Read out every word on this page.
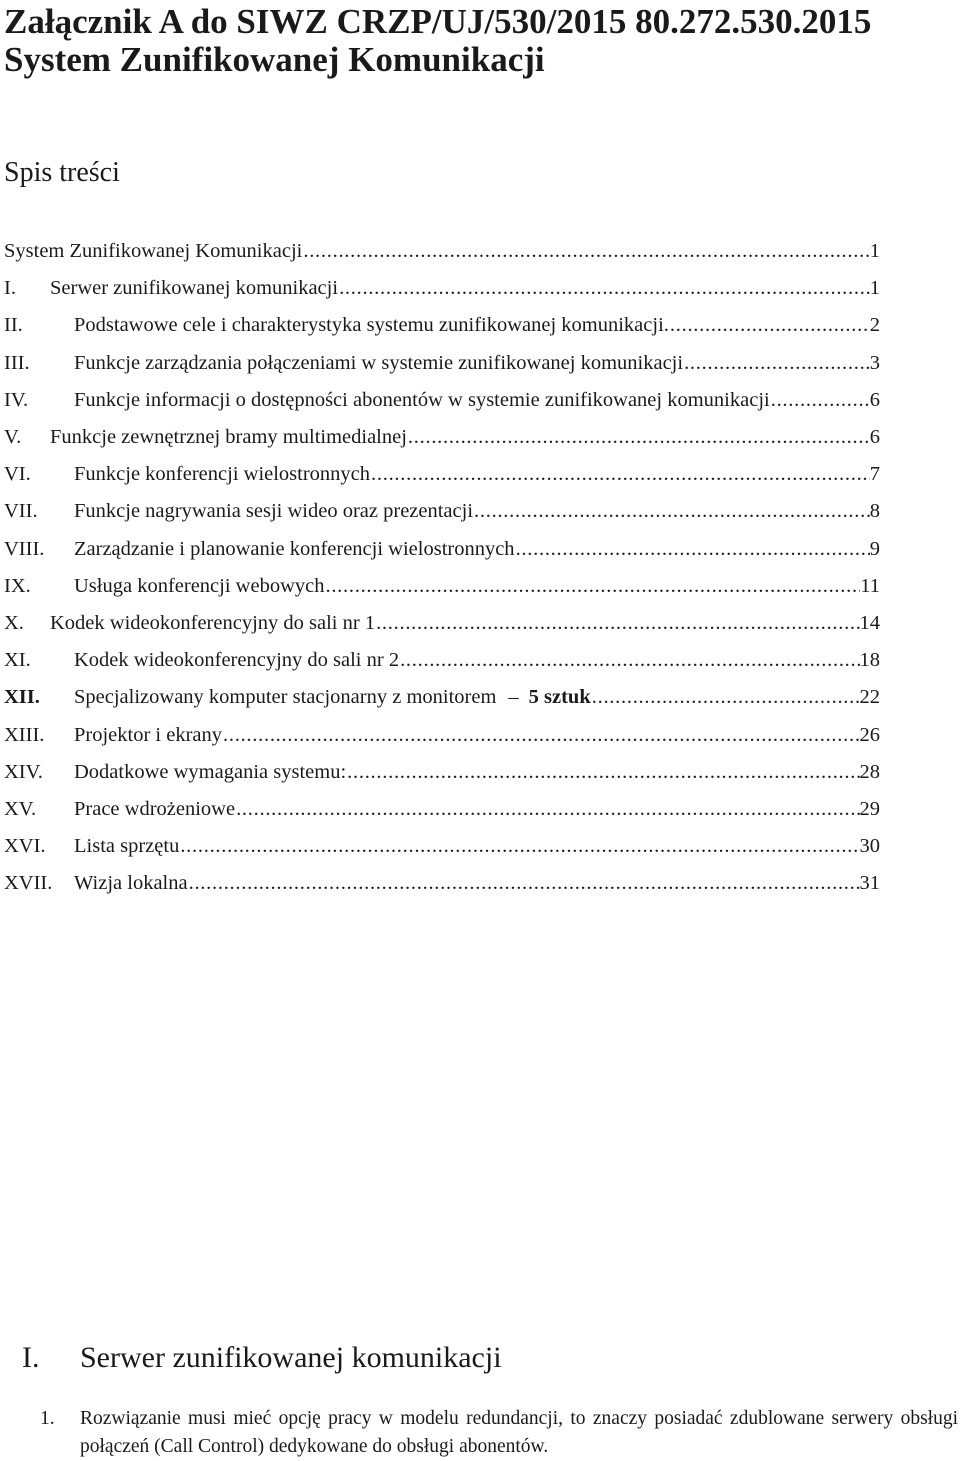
Załącznik A do SIWZ CRZP/UJ/530/2015 80.272.530.2015
System Zunifikowanej Komunikacji
Spis treści
System Zunifikowanej Komunikacji . . .	1
I.	Serwer zunifikowanej komunikacji . . .	1
II.	Podstawowe cele i charakterystyka systemu zunifikowanej komunikacji. . . .	2
III.	Funkcje zarządzania połączeniami w systemie zunifikowanej komunikacji . . .	3
IV.	Funkcje informacji o dostępności abonentów w systemie zunifikowanej komunikacji . . .	6
V.	Funkcje zewnętrznej bramy multimedialnej . . .	6
VI.	Funkcje konferencji wielostronnych . . .	7
VII.	Funkcje nagrywania sesji wideo oraz prezentacji . . .	8
VIII.	Zarządzanie i planowanie konferencji wielostronnych . . .	9
IX.	Usługa konferencji webowych . . .	11
X.	Kodek wideokonferencyjny do sali nr 1 . . .	14
XI.	Kodek wideokonferencyjny do sali nr 2 . . .	18
XII.	Specjalizowany komputer stacjonarny z monitorem – 5 sztuk . . .	22
XIII.	Projektor i ekrany . . .	26
XIV.	Dodatkowe wymagania systemu: . . .	28
XV.	Prace wdrożeniowe . . .	29
XVI.	Lista sprzętu . . .	30
XVII.	Wizja lokalna . . .	31
I. Serwer zunifikowanej komunikacji
1. Rozwiązanie musi mieć opcję pracy w modelu redundancji, to znaczy posiadać zdublowane serwery obsługi połączeń (Call Control) dedykowane do obsługi abonentów.
